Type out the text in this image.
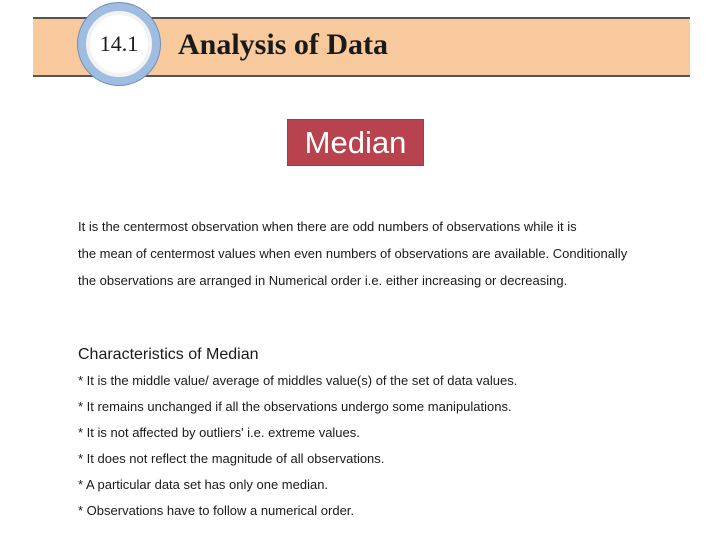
14.1	Analysis of Data
Median
It is the centermost observation when there are odd numbers of observations while it is
the mean of centermost values when even numbers of observations are available. Conditionally
the observations are arranged in Numerical order i.e. either increasing or decreasing.
Characteristics of Median
* It is the middle value/ average of middles value(s) of the set of data values.
* It remains unchanged if all the observations undergo some manipulations.
* It is not affected by outliers' i.e. extreme values.
* It does not reflect the magnitude of all observations.
* A particular data set has only one median.
* Observations have to follow a numerical order.
